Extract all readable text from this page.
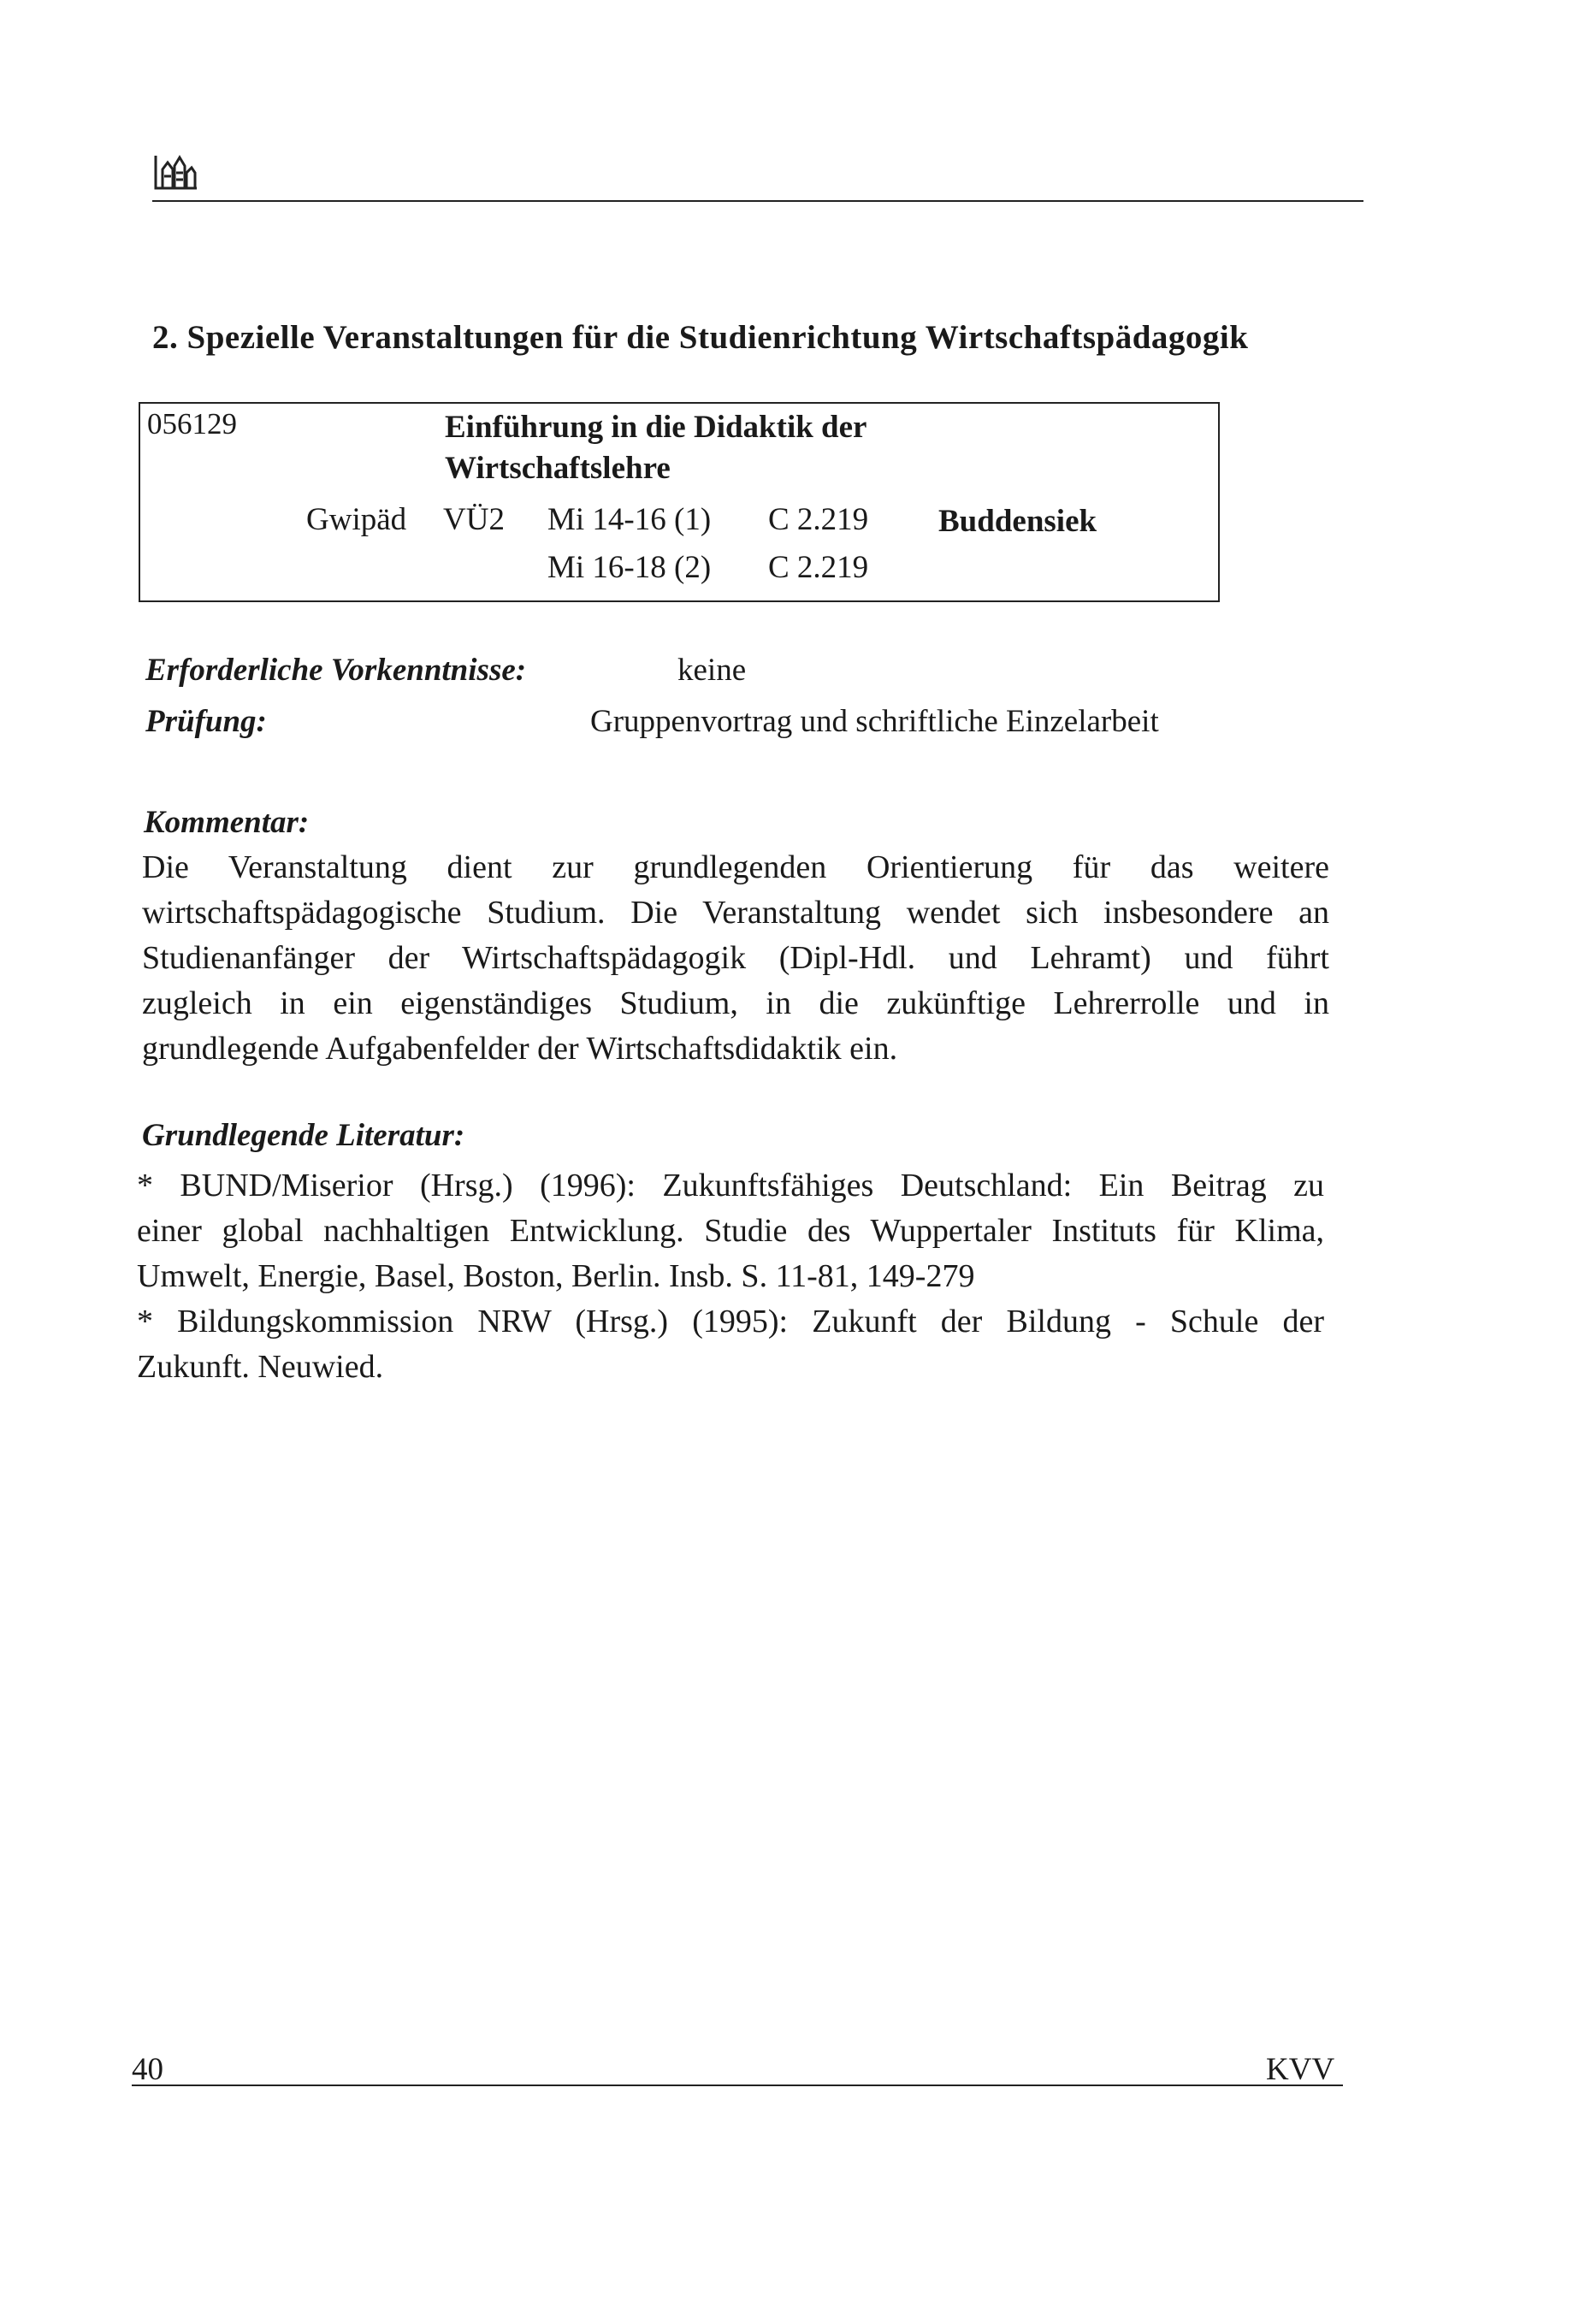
2. Spezielle Veranstaltungen für die Studienrichtung Wirtschaftspädagogik
056129	Einführung in die Didaktik der
Wirtschaftslehre
Gwipäd VÜ2 Mi 14-16 (1) C 2.219 Buddensiek
Mi 16-18 (2) C 2.219
Erforderliche Vorkenntnisse:	keine
Prüfung:	Gruppenvortrag und schriftliche Einzelarbeit
Kommentar:
Die Veranstaltung dient zur grundlegenden Orientierung für das weitere
wirtschaftspädagogische Studium. Die Veranstaltung wendet sich insbesondere an
Studienanfänger der Wirtschaftspädagogik (Dipl-Hdl. und Lehramt) und führt
zugleich in ein eigenständiges Studium, in die zukünftige Lehrerrolle und in
grundlegende Aufgabenfelder der Wirtschaftsdidaktik ein.
Grundlegende Literatur:
* BUND/Miserior (Hrsg.) (1996): Zukunftsfähiges Deutschland: Ein Beitrag zu
einer global nachhaltigen Entwicklung. Studie des Wuppertaler Instituts für Klima,
Umwelt, Energie, Basel, Boston, Berlin. Insb. S. 11-81, 149-279
* Bildungskommission NRW (Hrsg.) (1995): Zukunft der Bildung - Schule der
Zukunft. Neuwied.
40	KVV
